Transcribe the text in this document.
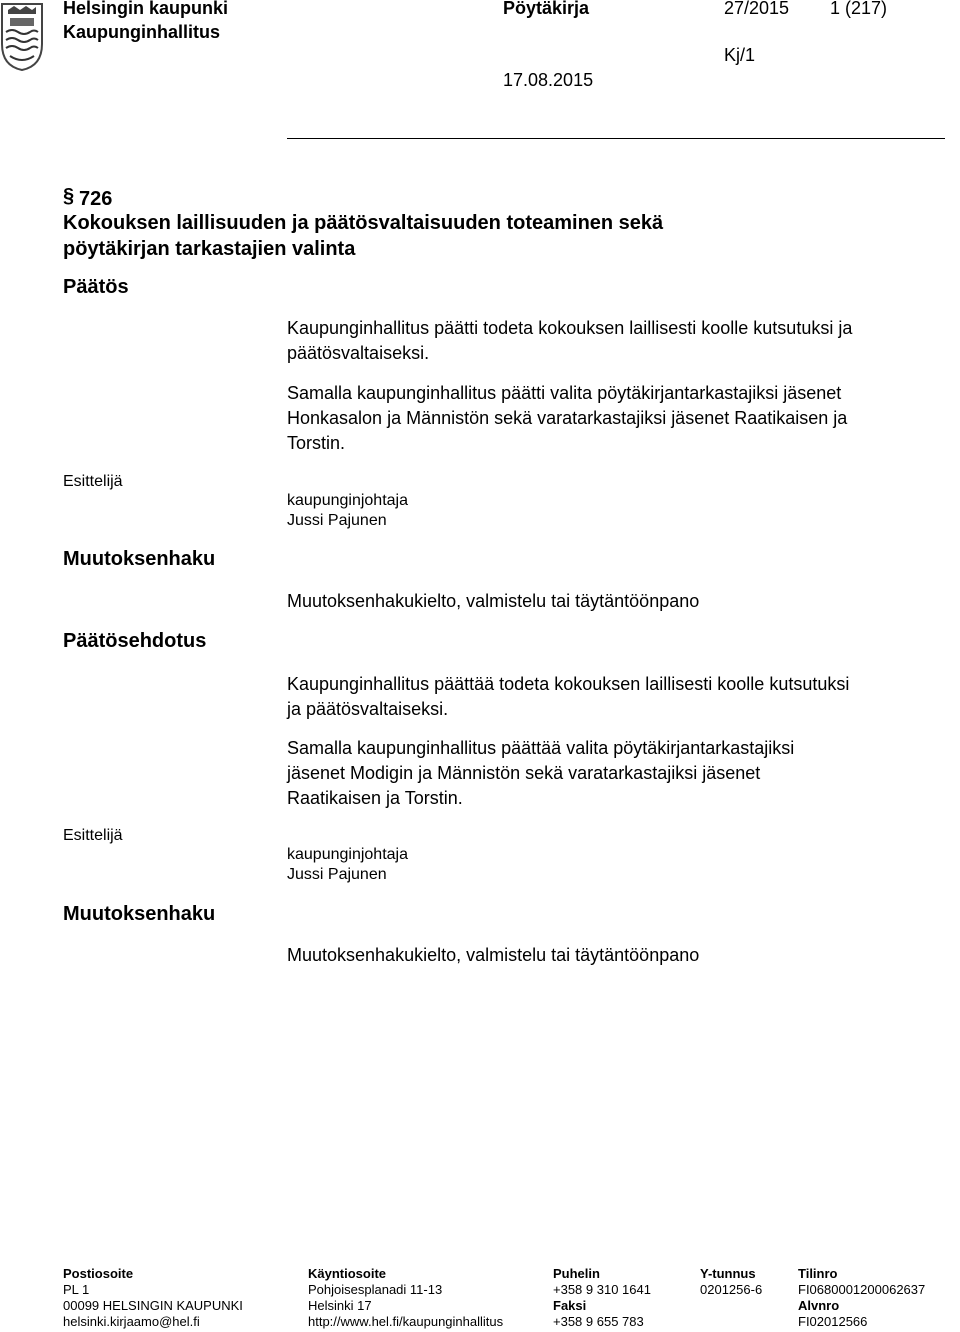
Helsingin kaupunki
Kaupunginhallitus
Pöytäkirja	27/2015 1 (217)
Kj/1
17.08.2015
§ 726
Kokouksen laillisuuden ja päätösvaltaisuuden toteaminen sekä
pöytäkirjan tarkastajien valinta
Päätös
Kaupunginhallitus päätti todeta kokouksen laillisesti koolle kutsutuksi ja
päätösvaltaiseksi.
Samalla kaupunginhallitus päätti valita pöytäkirjantarkastajiksi jäsenet
Honkasalon ja Männistön sekä varatarkastajiksi jäsenet Raatikaisen ja
Torstin.
Esittelijä
kaupunginjohtaja
Jussi Pajunen
Muutoksenhaku
Muutoksenhakukielto, valmistelu tai täytäntöönpano
Päätösehdotus
Kaupunginhallitus päättää todeta kokouksen laillisesti koolle kutsutuksi
ja päätösvaltaiseksi.
Samalla kaupunginhallitus päättää valita pöytäkirjantarkastajiksi
jäsenet Modigin ja Männistön sekä varatarkastajiksi jäsenet
Raatikaisen ja Torstin.
Esittelijä
kaupunginjohtaja
Jussi Pajunen
Muutoksenhaku
Muutoksenhakukielto, valmistelu tai täytäntöönpano
Postiosoite
PL 1
00099 HELSINGIN KAUPUNKI
helsinki.kirjaamo@hel.fi
Käyntiosoite
Pohjoisesplanadi 11-13
Helsinki 17
http://www.hel.fi/kaupunginhallitus
Puhelin
+358 9 310 1641
Faksi
+358 9 655 783
Y-tunnus
0201256-6
Tilinro
FI0680001200062637
Alvnro
FI02012566
